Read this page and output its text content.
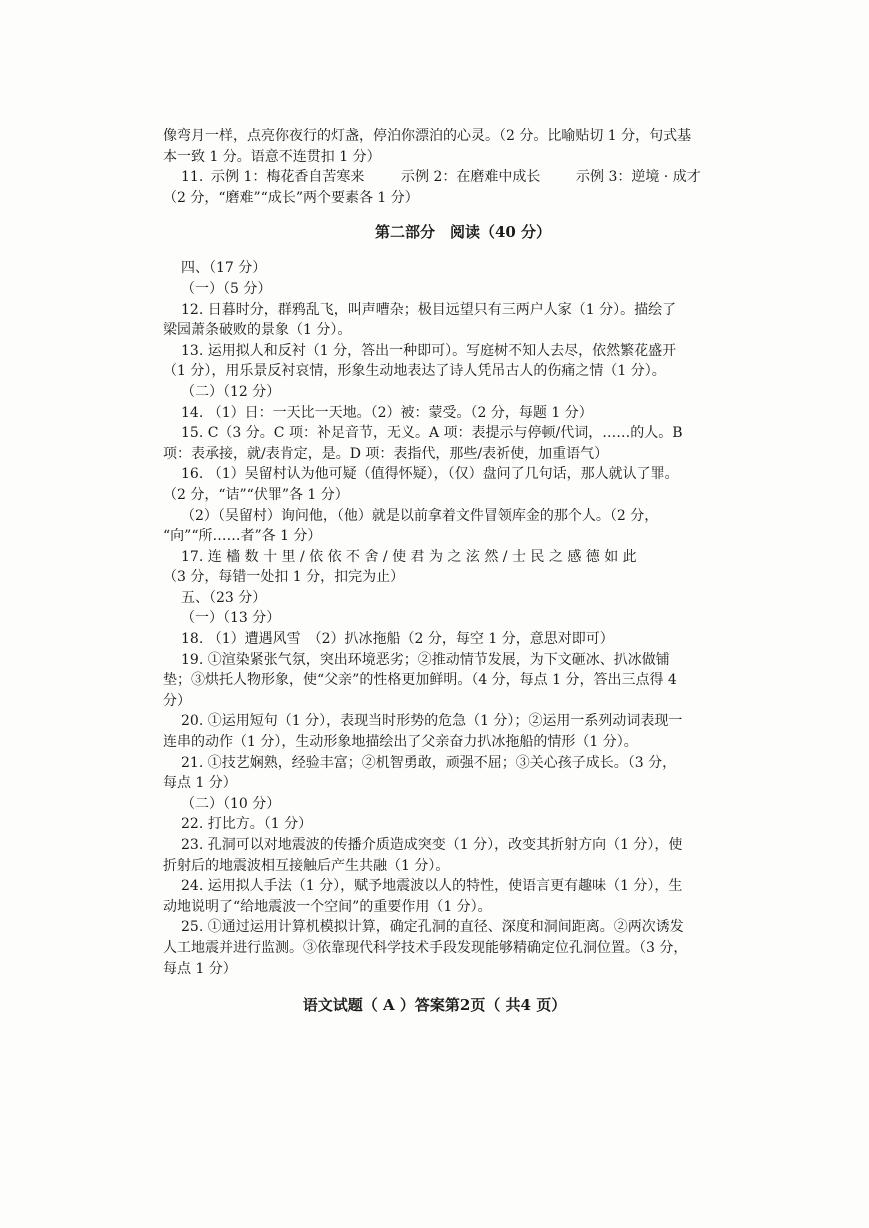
像弯月一样，点亮你夜行的灯盏，停泊你漂泊的心灵。（2 分。比喻贴切 1 分，句式基
本一致 1 分。语意不连贯扣 1 分）
11. 示例 1：梅花香自苦寒来	示例 2：在磨难中成长	示例 3：逆境 · 成才
（2 分，“磨难”“成长”两个要素各 1 分）
第二部分　阅读（40 分）
四、（17 分）
（一）（5 分）
12. 日暮时分，群鸦乱飞，叫声嘈杂；极目远望只有三两户人家（1 分）。描绘了
梁园萧条破败的景象（1 分）。
13. 运用拟人和反衬（1 分，答出一种即可）。写庭树不知人去尽，依然繁花盛开
（1 分），用乐景反衬哀情，形象生动地表达了诗人凭吊古人的伤痛之情（1 分）。
（二）（12 分）
14. （1）日：一天比一天地。（2）被：蒙受。（2 分，每题 1 分）
15. C（3 分。C 项：补足音节，无义。A 项：表提示与停顿/代词，……的人。B
项：表承接，就/表肯定，是。D 项：表指代，那些/表祈使，加重语气）
16. （1）吴留村认为他可疑（值得怀疑），（仅）盘问了几句话，那人就认了罪。
（2 分，“诘”“伏罪”各 1 分）
（2）（吴留村）询问他，（他）就是以前拿着文件冒领库金的那个人。（2 分，
“向”“所……者”各 1 分）
17. 连 檣 数 十 里 / 依 依 不 舍 / 使 君 为 之 泫 然 / 士 民 之 感 德 如 此
（3 分，每错一处扣 1 分，扣完为止）
五、（23 分）
（一）（13 分）
18. （1）遭遇风雪　（2）扒冰拖船（2 分，每空 1 分，意思对即可）
19. ①渲染紧张气氛，突出环境恶劣；②推动情节发展，为下文砸冰、扒冰做铺
垫；③烘托人物形象，使“父亲”的性格更加鲜明。（4 分，每点 1 分，答出三点得 4
分）
20. ①运用短句（1 分），表现当时形势的危急（1 分）；②运用一系列动词表现一
连串的动作（1 分），生动形象地描绘出了父亲奋力扒冰拖船的情形（1 分）。
21. ①技艺娴熟，经验丰富；②机智勇敢，顽强不屈；③关心孩子成长。（3 分，
每点 1 分）
（二）（10 分）
22. 打比方。（1 分）
23. 孔洞可以对地震波的传播介质造成突变（1 分），改变其折射方向（1 分），使
折射后的地震波相互接触后产生共融（1 分）。
24. 运用拟人手法（1 分），赋予地震波以人的特性，使语言更有趣味（1 分），生
动地说明了“给地震波一个空间”的重要作用（1 分）。
25. ①通过运用计算机模拟计算，确定孔洞的直径、深度和洞间距离。②两次诱发
人工地震并进行监测。③依靠现代科学技术手段发现能够精确定位孔洞位置。（3 分，
每点 1 分）
语文试题（ A ）答案第2页（ 共4 页）
